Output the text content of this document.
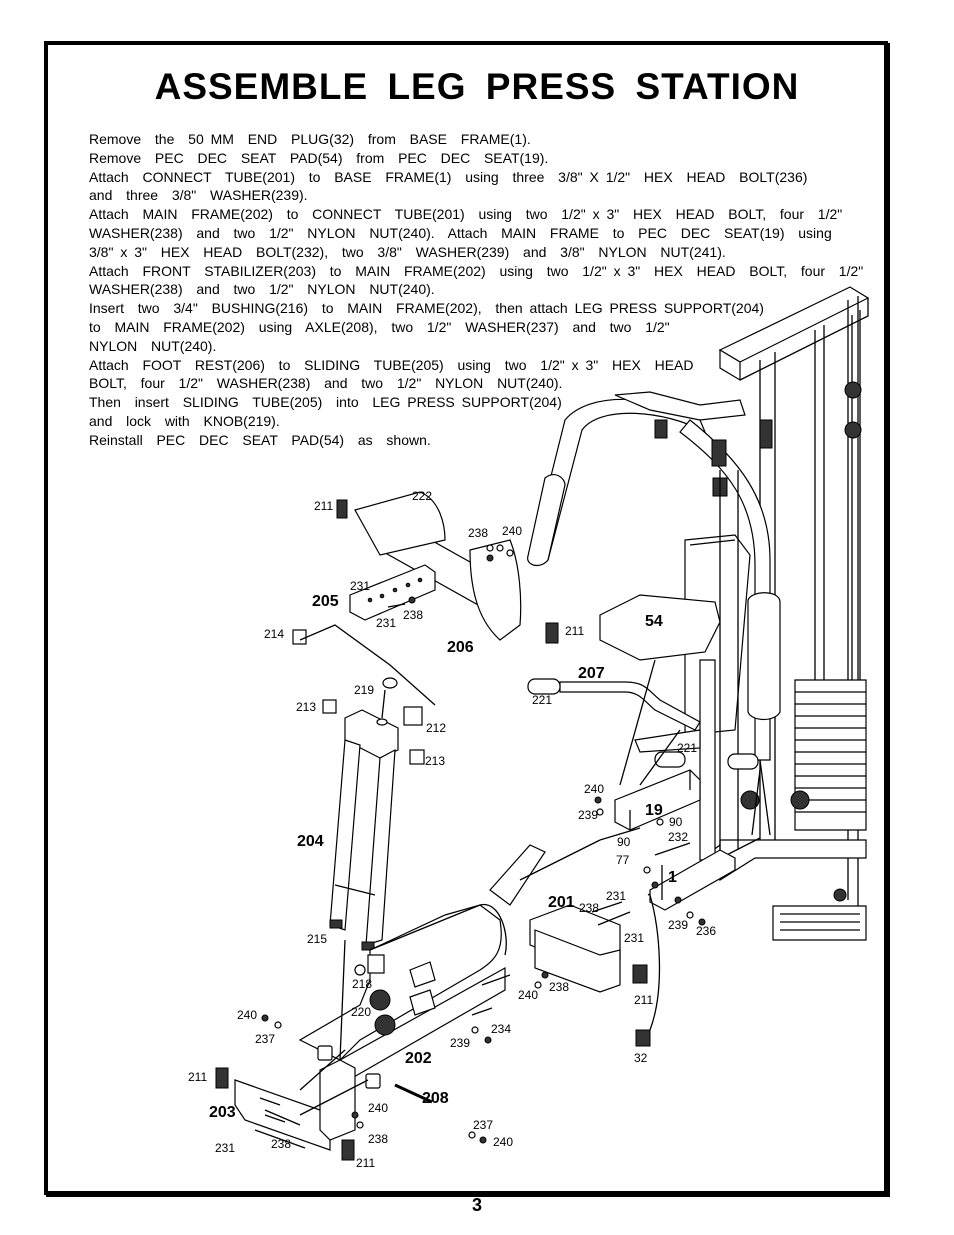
ASSEMBLE LEG PRESS STATION
Remove  the  50 MM  END  PLUG(32)  from  BASE  FRAME(1).
Remove  PEC  DEC  SEAT  PAD(54)  from  PEC  DEC  SEAT(19).
Attach  CONNECT  TUBE(201)  to  BASE  FRAME(1)  using  three  3/8" X 1/2"  HEX  HEAD  BOLT(236)
and  three  3/8"  WASHER(239).
Attach  MAIN  FRAME(202)  to  CONNECT  TUBE(201)  using  two  1/2" x 3"  HEX  HEAD  BOLT,  four  1/2"
WASHER(238)  and  two  1/2"  NYLON  NUT(240).  Attach  MAIN  FRAME  to  PEC  DEC  SEAT(19)  using
3/8" x 3"  HEX  HEAD  BOLT(232),  two  3/8"  WASHER(239)  and  3/8"  NYLON  NUT(241).
Attach  FRONT  STABILIZER(203)  to  MAIN  FRAME(202)  using  two  1/2" x 3"  HEX  HEAD  BOLT,  four  1/2"
WASHER(238)  and  two  1/2"  NYLON  NUT(240).
Insert  two  3/4"  BUSHING(216)  to  MAIN  FRAME(202),  then attach LEG PRESS SUPPORT(204)
to  MAIN  FRAME(202)  using  AXLE(208),  two  1/2"  WASHER(237)  and  two  1/2"
NYLON  NUT(240).
Attach  FOOT  REST(206)  to  SLIDING  TUBE(205)  using  two  1/2" x 3"  HEX  HEAD
BOLT,  four  1/2"  WASHER(238)  and  two  1/2"  NYLON  NUT(240).
Then  insert  SLIDING  TUBE(205)  into  LEG PRESS SUPPORT(204)
and  lock  with  KNOB(219).
Reinstall  PEC  DEC  SEAT  PAD(54)  as  shown.
211
222
238 240
231
205
231
238
214
206
211
54
219
207
221
213
212
213
221
240
239	19
90
90	232
77
1
204
231
201 238
231
239 236
215
218
240
238
211
220
234
240
237	239
32
202
211
208
203	240
238
237
240
231	238
211
3
